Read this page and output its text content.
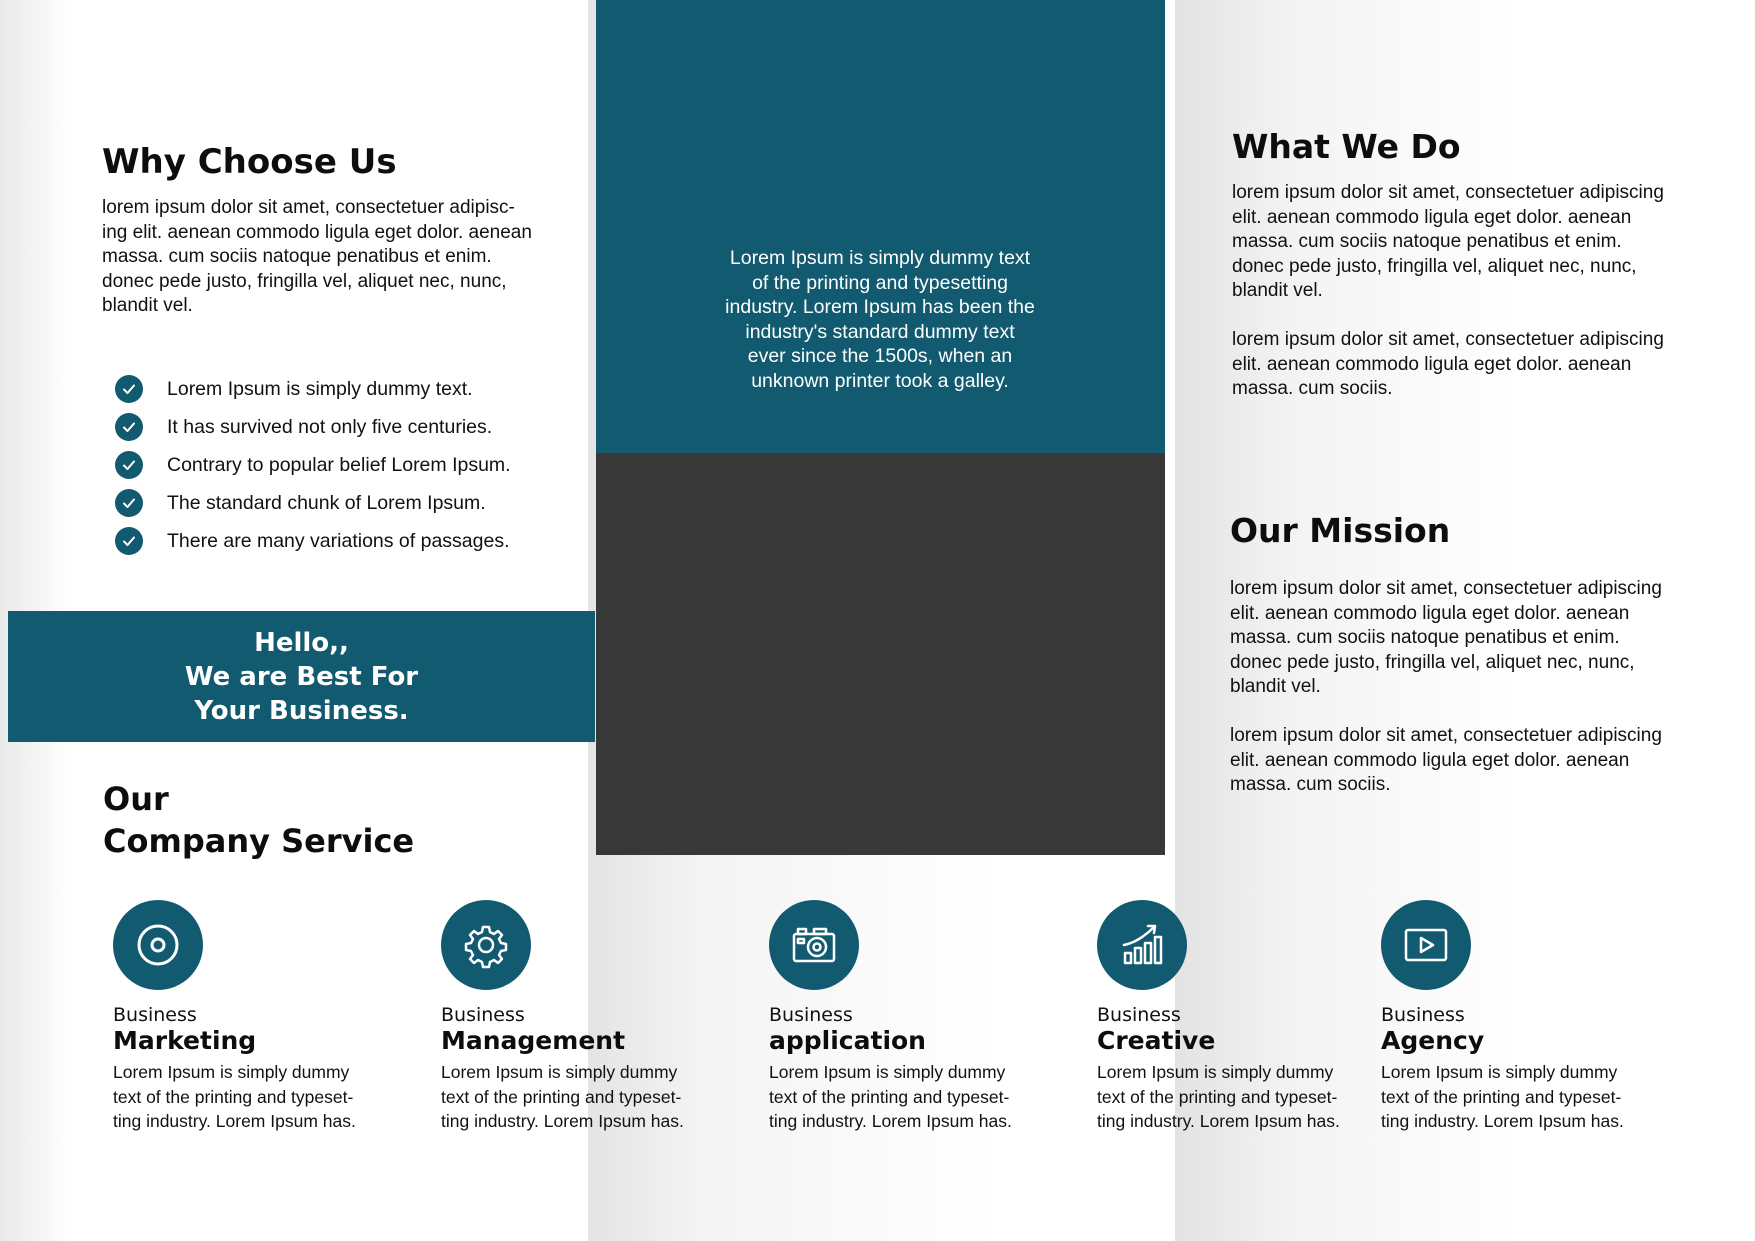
Why Choose Us

lorem ipsum dolor sit amet, consectetuer adipisc-
ing elit. aenean commodo ligula eget dolor. aenean
massa. cum sociis natoque penatibus et enim.
donec pede justo, fringilla vel, aliquet nec, nunc,
blandit vel.

Lorem Ipsum is simply dummy text.
It has survived not only five centuries.
Contrary to popular belief Lorem Ipsum.
The standard chunk of Lorem Ipsum.
There are many variations of passages.
Hello,,
We are Best For
Your Business.
Our
Company Service

Lorem Ipsum is simply dummy text
of the printing and typesetting
industry. Lorem Ipsum has been the
industry's standard dummy text
ever since the 1500s, when an
unknown printer took a galley.

What We Do

lorem ipsum dolor sit amet, consectetuer adipiscing
elit. aenean commodo ligula eget dolor. aenean
massa. cum sociis natoque penatibus et enim.
donec pede justo, fringilla vel, aliquet nec, nunc,
blandit vel.

lorem ipsum dolor sit amet, consectetuer adipiscing
elit. aenean commodo ligula eget dolor. aenean
massa. cum sociis.

Our Mission

lorem ipsum dolor sit amet, consectetuer adipiscing
elit. aenean commodo ligula eget dolor. aenean
massa. cum sociis natoque penatibus et enim.
donec pede justo, fringilla vel, aliquet nec, nunc,
blandit vel.

lorem ipsum dolor sit amet, consectetuer adipiscing
elit. aenean commodo ligula eget dolor. aenean
massa. cum sociis.

Business
Marketing
Lorem Ipsum is simply dummy
text of the printing and typeset-
ting industry. Lorem Ipsum has.
Business
Management
Lorem Ipsum is simply dummy
text of the printing and typeset-
ting industry. Lorem Ipsum has.
Business
application
Lorem Ipsum is simply dummy
text of the printing and typeset-
ting industry. Lorem Ipsum has.
Business
Creative
Lorem Ipsum is simply dummy
text of the printing and typeset-
ting industry. Lorem Ipsum has.
Business
Agency
Lorem Ipsum is simply dummy
text of the printing and typeset-
ting industry. Lorem Ipsum has.
